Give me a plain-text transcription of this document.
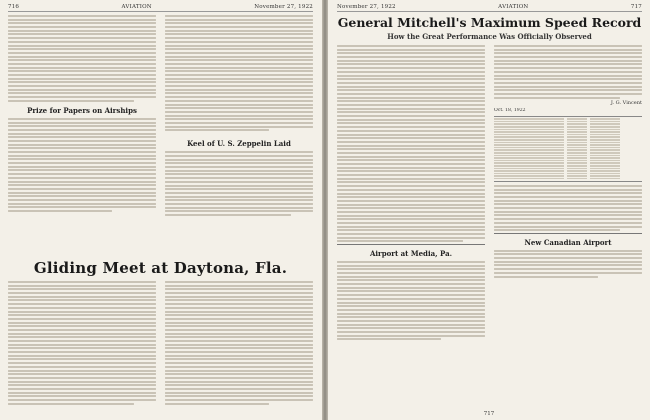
716	AVIATION	November 27, 1922
Prize for Papers on Airships
Keel of U. S. Zeppelin Laid
Gliding Meet at Daytona, Fla.
November 27, 1922	AVIATION	717
General Mitchell's Maximum Speed Record
How the Great Performance Was Officially Observed
Airport at Media, Pa.
J. G. Vincent
Oct. 18, 1922
New Canadian Airport
717
